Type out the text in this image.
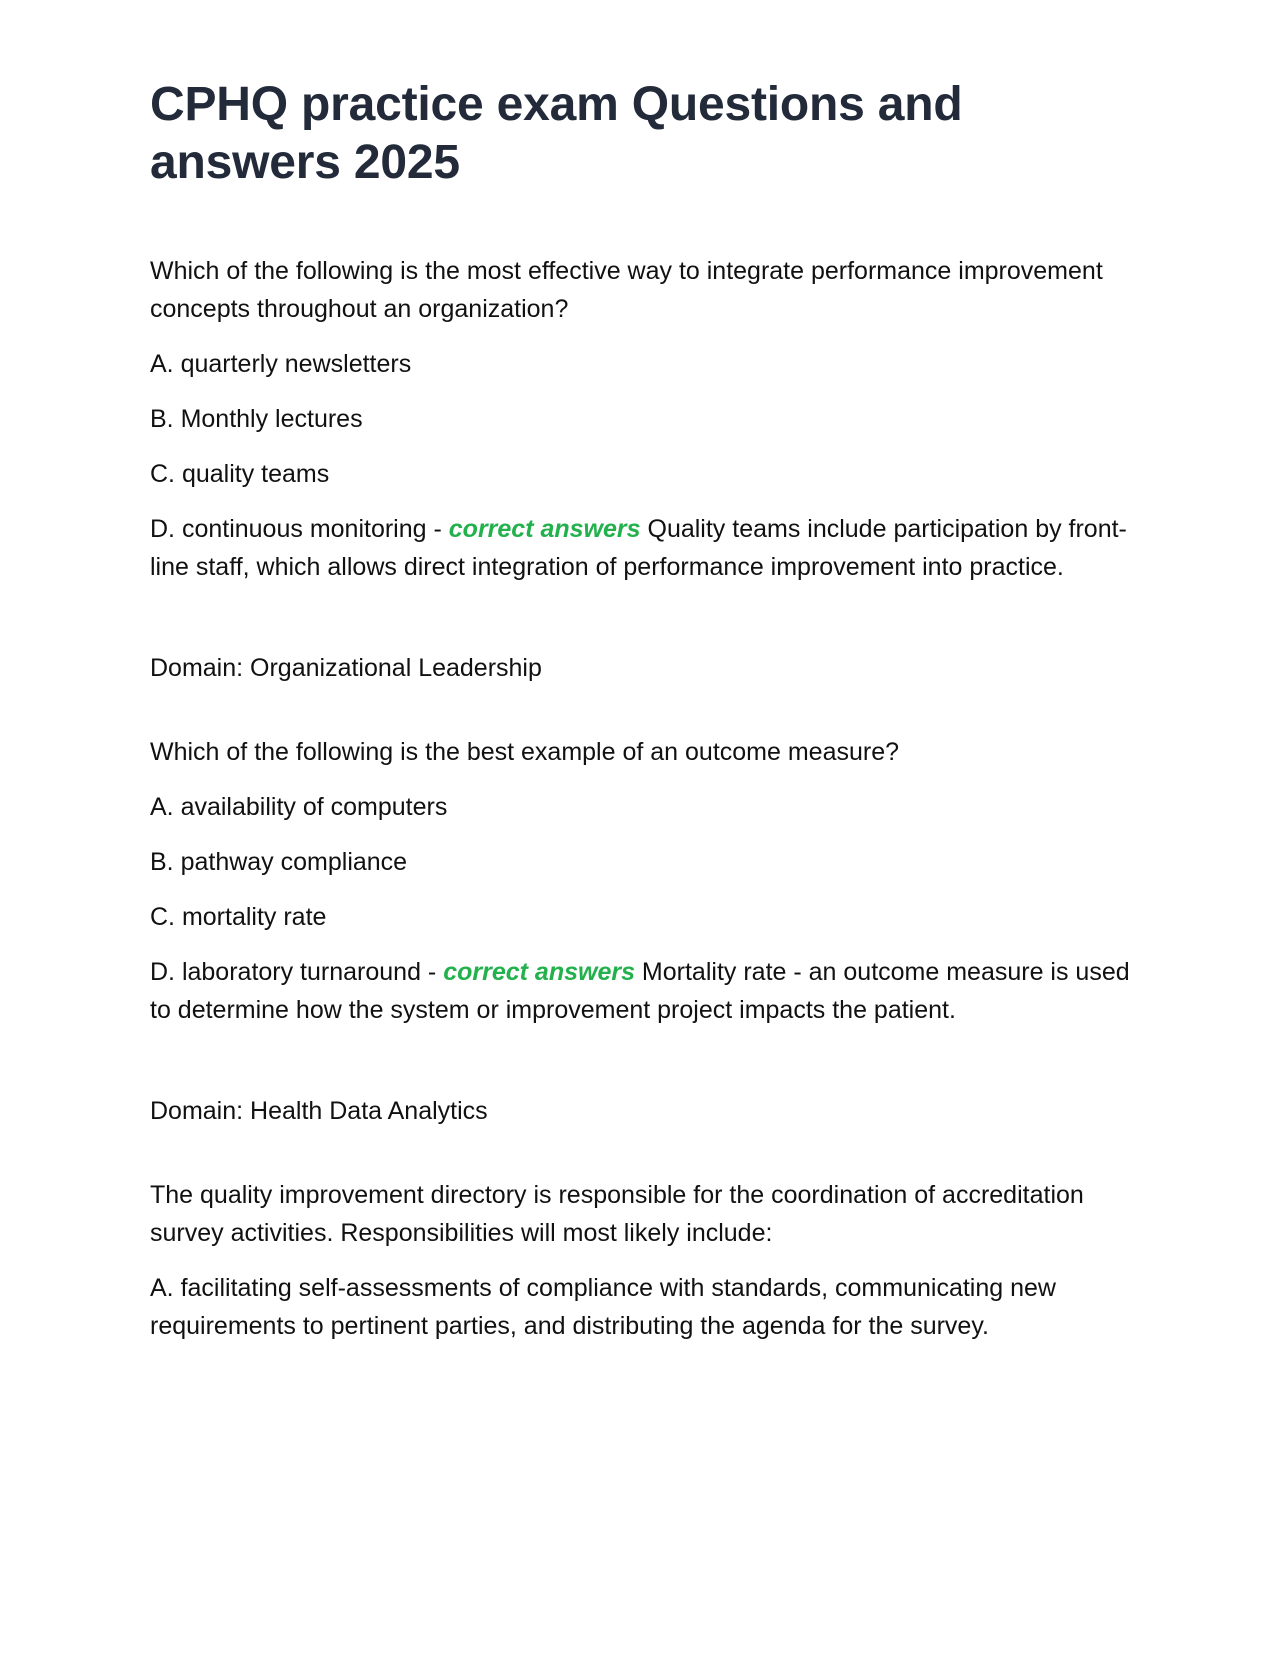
CPHQ practice exam Questions and answers 2025

Which of the following is the most effective way to integrate performance improvement concepts throughout an organization?

A. quarterly newsletters

B. Monthly lectures

C. quality teams

D. continuous monitoring - correct answers Quality teams include participation by front-line staff, which allows direct integration of performance improvement into practice.

Domain: Organizational Leadership

Which of the following is the best example of an outcome measure?

A. availability of computers

B. pathway compliance

C. mortality rate

D. laboratory turnaround - correct answers Mortality rate - an outcome measure is used to determine how the system or improvement project impacts the patient.

Domain: Health Data Analytics

The quality improvement directory is responsible for the coordination of accreditation survey activities. Responsibilities will most likely include:

A. facilitating self-assessments of compliance with standards, communicating new requirements to pertinent parties, and distributing the agenda for the survey.
